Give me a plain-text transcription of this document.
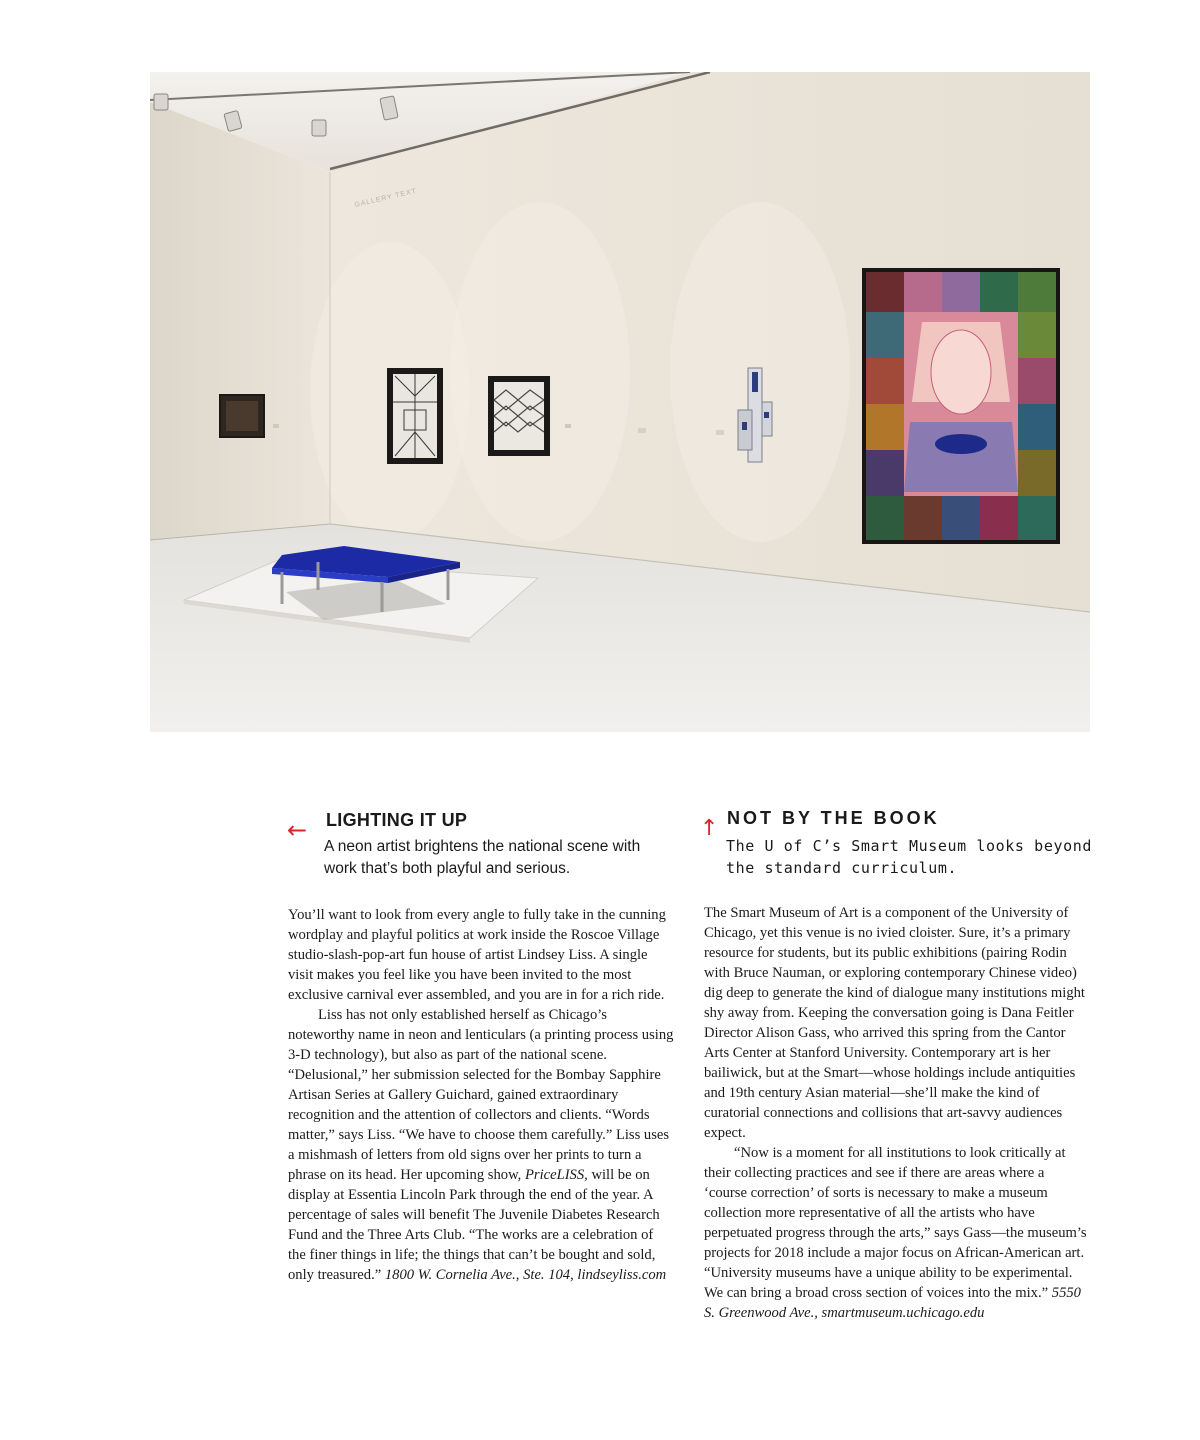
GALLERY TEXT
← LIGHTING IT UP

A neon artist brightens the national scene with work that’s both playful and serious.

You’ll want to look from every angle to fully take in the cunning wordplay and playful politics at work inside the Roscoe Village studio-slash-pop-art fun house of artist Lindsey Liss. A single visit makes you feel like you have been invited to the most exclusive carnival ever assembled, and you are in for a rich ride.

Liss has not only established herself as Chicago’s noteworthy name in neon and lenticulars (a printing process using 3-D technology), but also as part of the national scene. “Delusional,” her submission selected for the Bombay Sapphire Artisan Series at Gallery Guichard, gained extraordinary recognition and the attention of collectors and clients. “Words matter,” says Liss. “We have to choose them carefully.” Liss uses a mishmash of letters from old signs over her prints to turn a phrase on its head. Her upcoming show, PriceLISS, will be on display at Essentia Lincoln Park through the end of the year. A percentage of sales will benefit The Juvenile Diabetes Research Fund and the Three Arts Club. “The works are a celebration of the finer things in life; the things that can’t be bought and sold, only treasured.” 1800 W. Cornelia Ave., Ste. 104, lindseyliss.com

↑ NOT BY THE BOOK

The U of C’s Smart Museum looks beyond the standard curriculum.

The Smart Museum of Art is a component of the University of Chicago, yet this venue is no ivied cloister. Sure, it’s a primary resource for students, but its public exhibitions (pairing Rodin with Bruce Nauman, or exploring contemporary Chinese video) dig deep to generate the kind of dialogue many institutions might shy away from. Keeping the conversation going is Dana Feitler Director Alison Gass, who arrived this spring from the Cantor Arts Center at Stanford University. Contemporary art is her bailiwick, but at the Smart—whose holdings include antiquities and 19th century Asian material—she’ll make the kind of curatorial connections and collisions that art-savvy audiences expect.

“Now is a moment for all institutions to look critically at their collecting practices and see if there are areas where a ‘course correction’ of sorts is necessary to make a museum collection more representative of all the artists who have perpetuated progress through the arts,” says Gass—the museum’s projects for 2018 include a major focus on African-American art. “University museums have a unique ability to be experimental. We can bring a broad cross section of voices into the mix.” 5550 S. Greenwood Ave., smartmuseum.uchicago.edu
